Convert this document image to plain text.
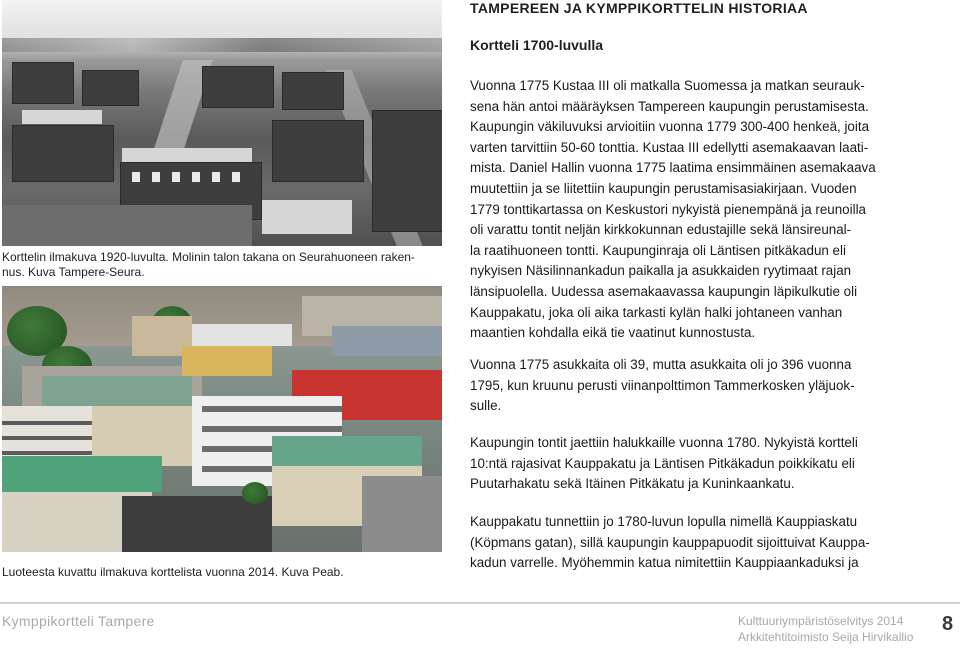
Korttelin ilmakuva 1920-luvulta. Molinin talon takana on Seurahuoneen raken-
nus. Kuva Tampere-Seura.
Luoteesta kuvattu ilmakuva korttelista vuonna 2014. Kuva Peab.
TAMPEREEN JA KYMPPIKORTTELIN HISTORIAA
Kortteli 1700-luvulla

Vuonna 1775 Kustaa III oli matkalla Suomessa ja matkan seurauk-
sena hän antoi määräyksen Tampereen kaupungin perustamisesta.
Kaupungin väkiluvuksi arvioitiin vuonna 1779 300-400 henkeä, joita
varten tarvittiin 50-60 tonttia. Kustaa III edellytti asemakaavan laati-
mista. Daniel Hallin vuonna 1775 laatima ensimmäinen asemakaava
muutettiin ja se liitettiin kaupungin perustamisasiakirjaan. Vuoden
1779 tonttikartassa on Keskustori nykyistä pienempänä ja reunoilla
oli varattu tontit neljän kirkkokunnan edustajille sekä länsireunal-
la raatihuoneen tontti. Kaupunginraja oli Läntisen pitkäkadun eli
nykyisen Näsilinnankadun paikalla ja asukkaiden ryytimaat rajan
länsipuolella. Uudessa asemakaavassa kaupungin läpikulkutie oli
Kauppakatu, joka oli aika tarkasti kylän halki johtaneen vanhan
maantien kohdalla eikä tie vaatinut kunnostusta.

Vuonna 1775 asukkaita oli 39, mutta asukkaita oli jo 396 vuonna
1795, kun kruunu perusti viinanpolttimon Tammerkosken yläjuok-
sulle.

Kaupungin tontit jaettiin halukkaille vuonna 1780. Nykyistä kortteli
10:ntä rajasivat Kauppakatu ja Läntisen Pitkäkadun poikkikatu eli
Puutarhakatu sekä Itäinen Pitkäkatu ja Kuninkaankatu.

Kauppakatu tunnettiin jo 1780-luvun lopulla nimellä Kauppiaskatu
(Köpmans gatan), sillä kaupungin kauppapuodit sijoittuivat Kauppa-
kadun varrelle. Myöhemmin katua nimitettiin Kauppiaankaduksi ja

Kymppikortteli Tampere	Kulttuuriympäristöselvitys 2014
Arkkitehtitoimisto Seija Hirvikallio
8
